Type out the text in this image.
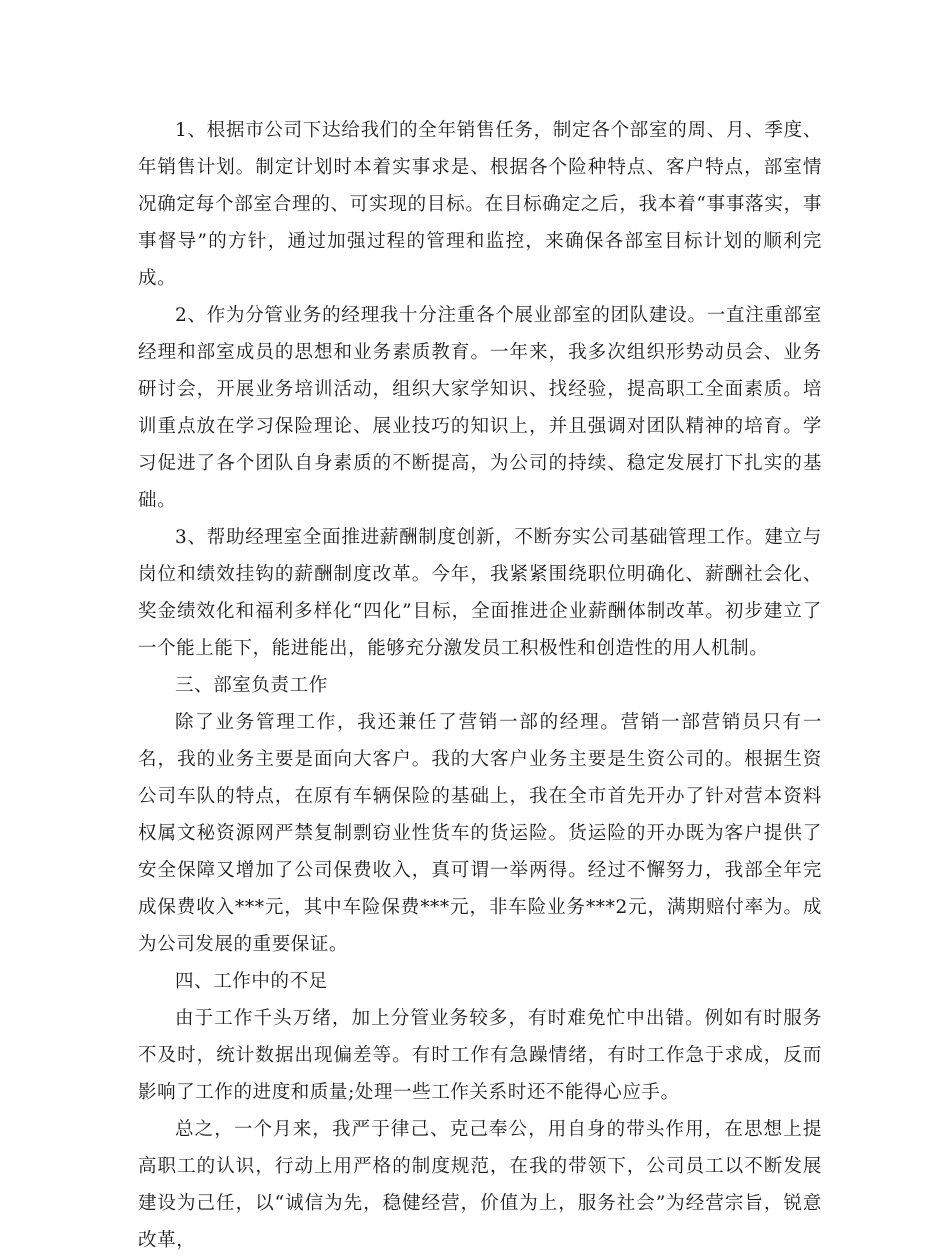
1、根据市公司下达给我们的全年销售任务，制定各个部室的周、月、季度、年销售计划。制定计划时本着实事求是、根据各个险种特点、客户特点，部室情况确定每个部室合理的、可实现的目标。在目标确定之后，我本着“事事落实，事事督导”的方针，通过加强过程的管理和监控，来确保各部室目标计划的顺利完成。

2、作为分管业务的经理我十分注重各个展业部室的团队建设。一直注重部室经理和部室成员的思想和业务素质教育。一年来，我多次组织形势动员会、业务研讨会，开展业务培训活动，组织大家学知识、找经验，提高职工全面素质。培训重点放在学习保险理论、展业技巧的知识上，并且强调对团队精神的培育。学习促进了各个团队自身素质的不断提高，为公司的持续、稳定发展打下扎实的基础。

3、帮助经理室全面推进薪酬制度创新，不断夯实公司基础管理工作。建立与岗位和绩效挂钩的薪酬制度改革。今年，我紧紧围绕职位明确化、薪酬社会化、奖金绩效化和福利多样化“四化”目标，全面推进企业薪酬体制改革。初步建立了一个能上能下，能进能出，能够充分激发员工积极性和创造性的用人机制。

三、部室负责工作

除了业务管理工作，我还兼任了营销一部的经理。营销一部营销员只有一名，我的业务主要是面向大客户。我的大客户业务主要是生资公司的。根据生资公司车队的特点，在原有车辆保险的基础上，我在全市首先开办了针对营本资料权属文秘资源网严禁复制剽窃业性货车的货运险。货运险的开办既为客户提供了安全保障又增加了公司保费收入，真可谓一举两得。经过不懈努力，我部全年完成保费收入***元，其中车险保费***元，非车险业务***2元，满期赔付率为。成为公司发展的重要保证。

四、工作中的不足

由于工作千头万绪，加上分管业务较多，有时难免忙中出错。例如有时服务不及时，统计数据出现偏差等。有时工作有急躁情绪，有时工作急于求成，反而影响了工作的进度和质量;处理一些工作关系时还不能得心应手。

总之，一个月来，我严于律己、克己奉公，用自身的带头作用，在思想上提高职工的认识，行动上用严格的制度规范，在我的带领下，公司员工以不断发展建设为己任，以“诚信为先，稳健经营，价值为上，服务社会”为经营宗旨，锐意改革，
